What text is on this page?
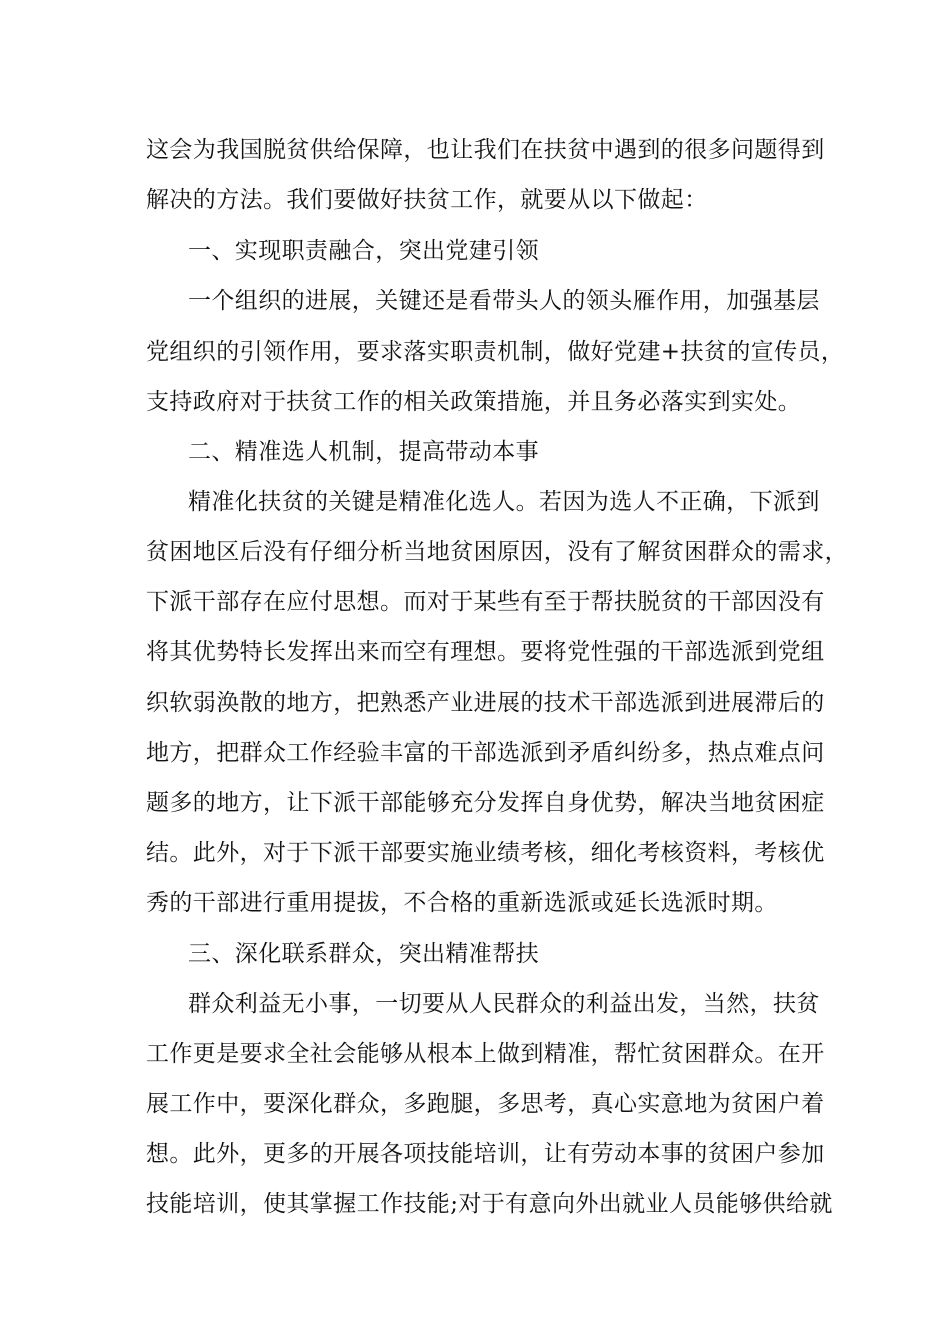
这会为我国脱贫供给保障，也让我们在扶贫中遇到的很多问题得到
解决的方法。我们要做好扶贫工作，就要从以下做起：
一、实现职责融合，突出党建引领
一个组织的进展，关键还是看带头人的领头雁作用，加强基层
党组织的引领作用，要求落实职责机制，做好党建+扶贫的宣传员，
支持政府对于扶贫工作的相关政策措施，并且务必落实到实处。
二、精准选人机制，提高带动本事
精准化扶贫的关键是精准化选人。若因为选人不正确，下派到
贫困地区后没有仔细分析当地贫困原因，没有了解贫困群众的需求，
下派干部存在应付思想。而对于某些有至于帮扶脱贫的干部因没有
将其优势特长发挥出来而空有理想。要将党性强的干部选派到党组
织软弱涣散的地方，把熟悉产业进展的技术干部选派到进展滞后的
地方，把群众工作经验丰富的干部选派到矛盾纠纷多，热点难点问
题多的地方，让下派干部能够充分发挥自身优势，解决当地贫困症
结。此外，对于下派干部要实施业绩考核，细化考核资料，考核优
秀的干部进行重用提拔，不合格的重新选派或延长选派时期。
三、深化联系群众，突出精准帮扶
群众利益无小事，一切要从人民群众的利益出发，当然，扶贫
工作更是要求全社会能够从根本上做到精准，帮忙贫困群众。在开
展工作中，要深化群众，多跑腿，多思考，真心实意地为贫困户着
想。此外，更多的开展各项技能培训，让有劳动本事的贫困户参加
技能培训，使其掌握工作技能;对于有意向外出就业人员能够供给就
